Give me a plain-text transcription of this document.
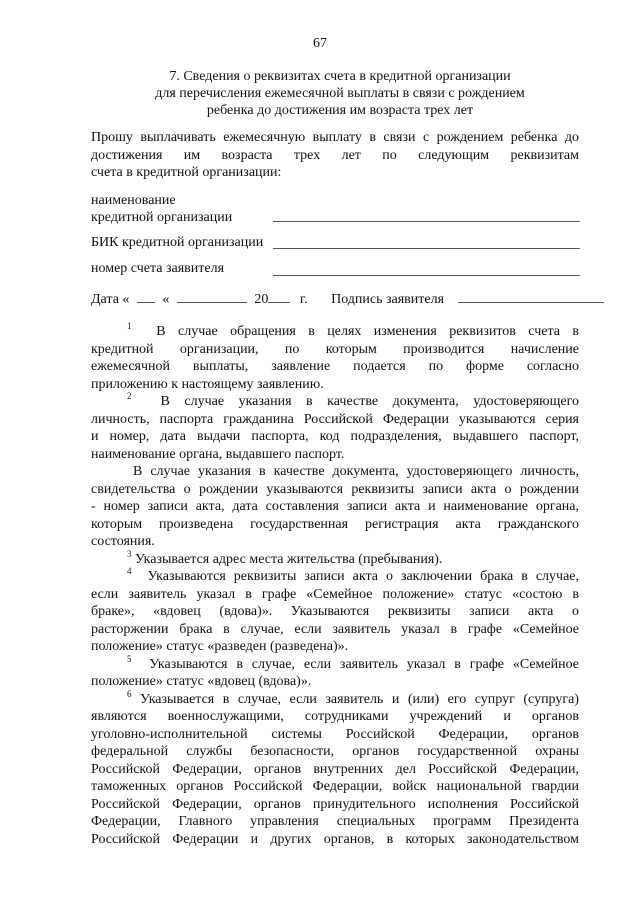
67
7. Сведения о реквизитах счета в кредитной организации
для перечисления ежемесячной выплаты в связи с рождением
ребенка до достижения им возраста трех лет
Прошу выплачивать ежемесячную выплату в связи с рождением ребенка до
достижения им возраста трех лет по следующим реквизитам
счета в кредитной организации:
наименование
кредитной организации
БИК кредитной организации
номер счета заявителя
Дата « «	20 г. Подпись заявителя
$^1$ В случае обращения в целях изменения реквизитов счета в
кредитной организации, по которым производится начисление
ежемесячной выплаты, заявление подается по форме согласно
приложению к настоящему заявлению.
$^2$ В случае указания в качестве документа, удостоверяющего
личность, паспорта гражданина Российской Федерации указываются серия
и номер, дата выдачи паспорта, код подразделения, выдавшего паспорт,
наименование органа, выдавшего паспорт.
В случае указания в качестве документа, удостоверяющего личность,
свидетельства о рождении указываются реквизиты записи акта о рождении
- номер записи акта, дата составления записи акта и наименование органа,
которым произведена государственная регистрация акта гражданского
состояния.
$^3$ Указывается адрес места жительства (пребывания).
$^4$ Указываются реквизиты записи акта о заключении брака в случае,
если заявитель указал в графе «Семейное положение» статус «состою в
браке», «вдовец (вдова)». Указываются реквизиты записи акта о
расторжении брака в случае, если заявитель указал в графе «Семейное
положение» статус «разведен (разведена)».
$^5$ Указываются в случае, если заявитель указал в графе «Семейное
положение» статус «вдовец (вдова)».
$^6$ Указывается в случае, если заявитель и (или) его супруг (супруга)
являются военнослужащими, сотрудниками учреждений и органов
уголовно-исполнительной системы Российской Федерации, органов
федеральной службы безопасности, органов государственной охраны
Российской Федерации, органов внутренних дел Российской Федерации,
таможенных органов Российской Федерации, войск национальной гвардии
Российской Федерации, органов принудительного исполнения Российской
Федерации, Главного управления специальных программ Президента
Российской Федерации и других органов, в которых законодательством
